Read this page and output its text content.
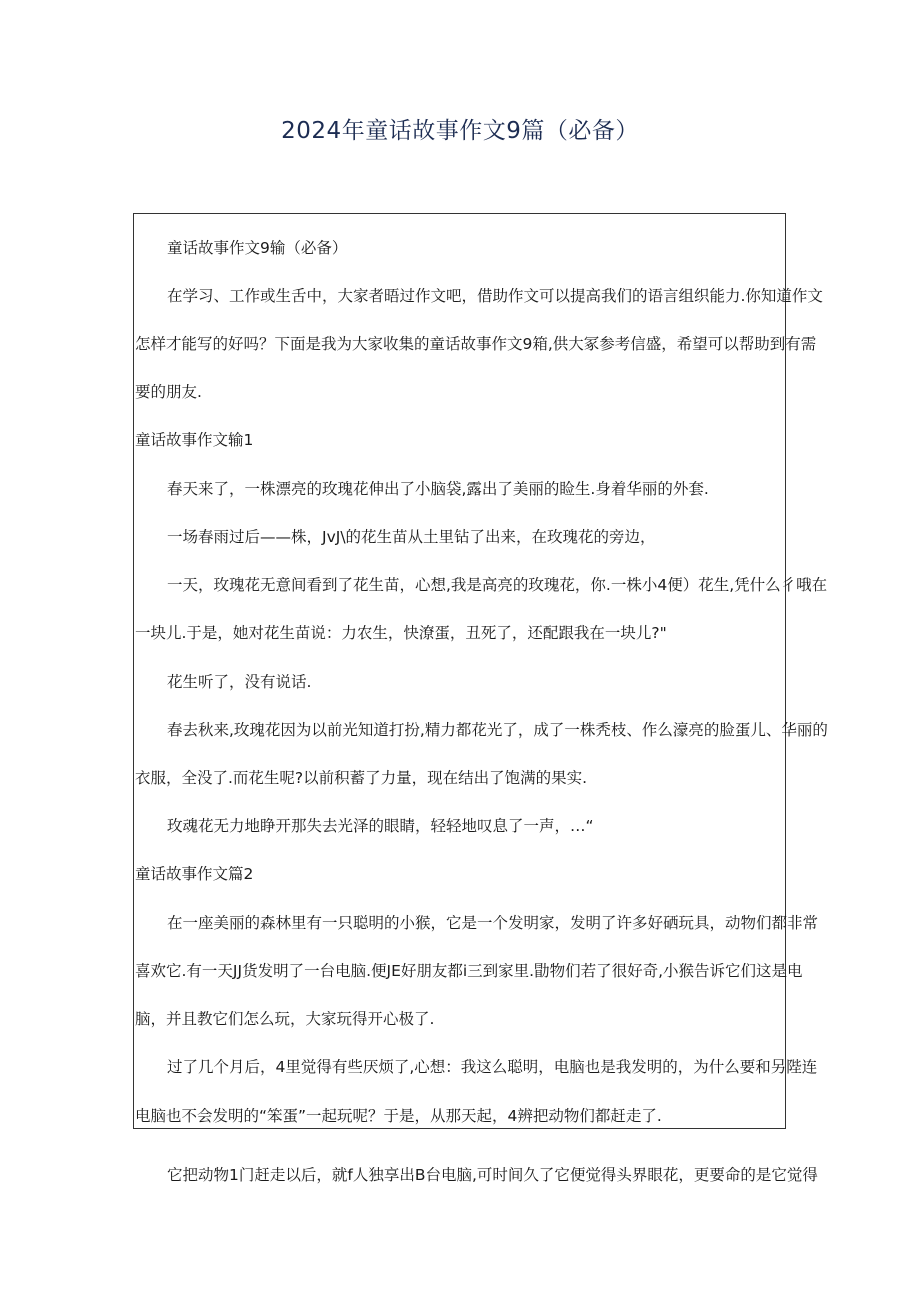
2024年童话故事作文9篇（必备）
童话故事作文9输（必备）
在学习、工作或生舌中，大家者晤过作文吧，借助作文可以提高我们的语言组织能力.你知道作文
怎样才能写的好吗？下面是我为大家收集的童话故事作文9箱,供大冢参考信盛，希望可以帮助到有需
要的朋友.
童话故事作文输1
春天来了，一株漂亮的玫瑰花伸出了小脑袋,露出了美丽的睑生.身着华丽的外套.
一场春雨过后——株，JvJ\的花生苗从土里钻了出来，在玫瑰花的旁边，
一天，玫瑰花无意间看到了花生苗，心想,我是高亮的玫瑰花，你.一株小4便）花生,凭什么彳哦在
一块儿.于是，她对花生苗说：力农生，快潦蛋，丑死了，还配跟我在一块儿?"
花生听了，没有说话.
春去秋来,玫瑰花因为以前光知道打扮,精力都花光了，成了一株秃枝、作么濠亮的脸蛋儿、华丽的
衣服，全没了.而花生呢?以前积蓄了力量，现在结出了饱满的果实.
玫魂花无力地睁开那失去光泽的眼睛，轻轻地叹息了一声，…“
童话故事作文篇2
在一座美丽的森林里有一只聪明的小猴，它是一个发明家，发明了许多好硒玩具，动物们都非常
喜欢它.有一天JJ货发明了一台电脑.便JE好朋友都i三到家里.勖物们若了很好奇,小猴告诉它们这是电
脑，并且教它们怎么玩，大家玩得开心极了.
过了几个月后，4里觉得有些厌烦了,心想：我这么聪明，电脑也是我发明的，为什么要和另陛连
电脑也不会发明的“笨蛋”一起玩呢？于是，从那天起，4辨把动物们都赶走了.
它把动物1门赶走以后，就f人独享出B台电脑,可时间久了它便觉得头界眼花，更要命的是它觉得
